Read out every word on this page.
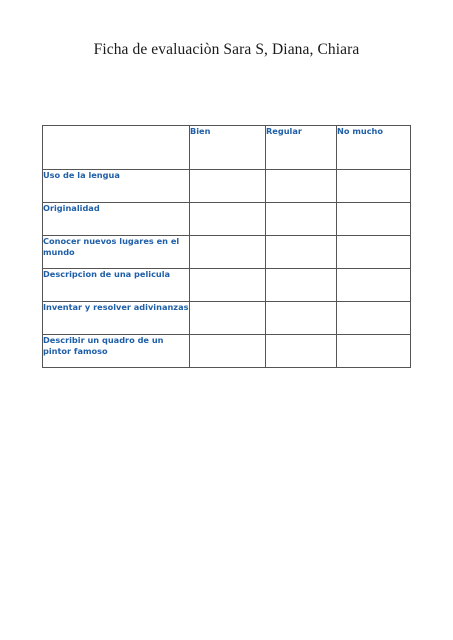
Ficha de evaluaciòn Sara S, Diana, Chiara
	Bien	Regular	No mucho
Uso de la lengua			
Originalidad			
Conocer nuevos lugares en el mundo			
Descripcion de una pelicula			
Inventar y resolver adivinanzas			
Describir un quadro de un pintor famoso			
